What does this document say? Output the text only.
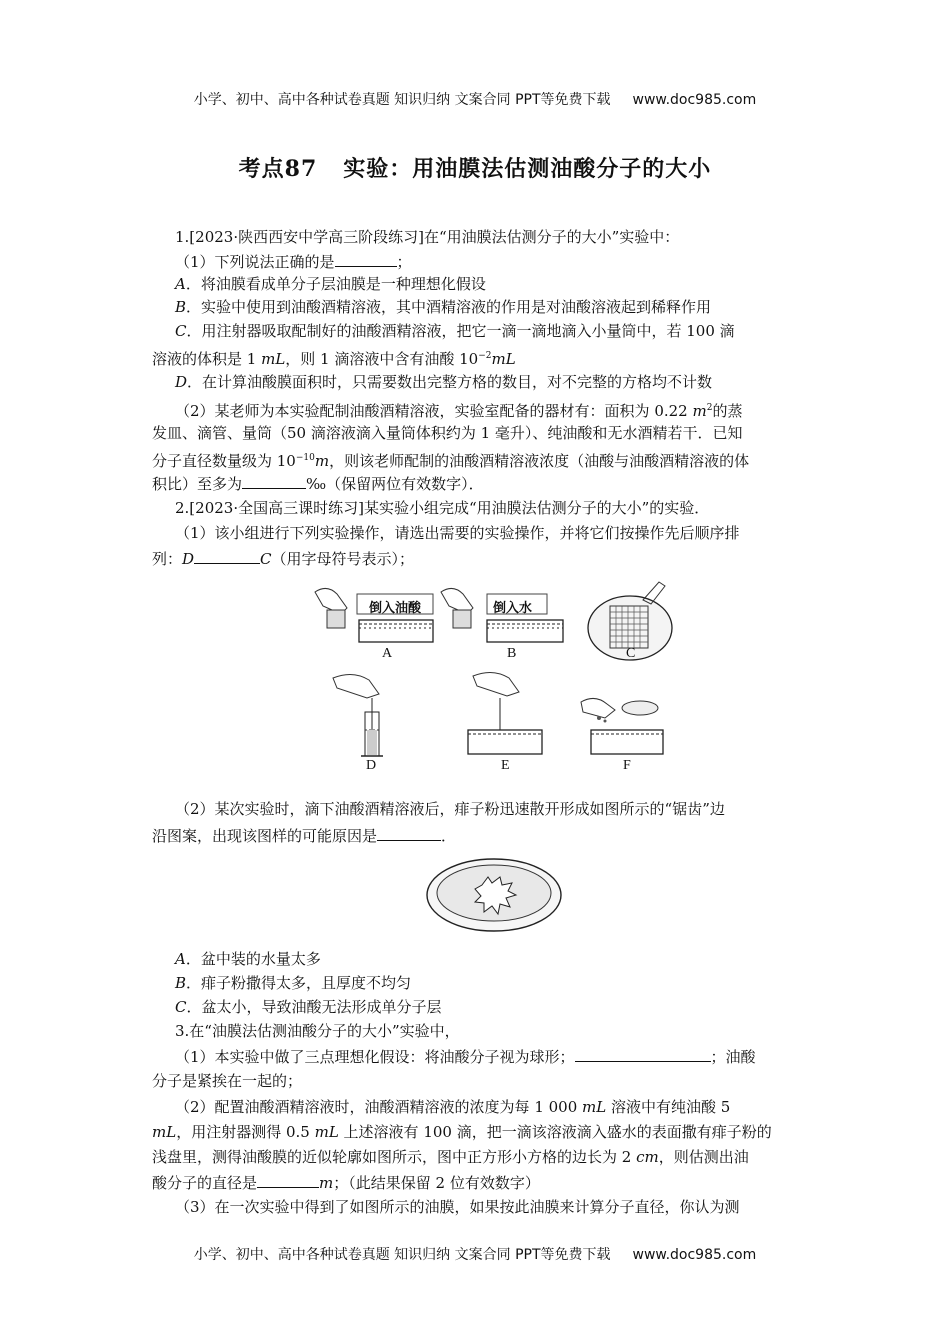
小学、初中、高中各种试卷真题 知识归纳 文案合同 PPT等免费下载 www.doc985.com
小学、初中、高中各种试卷真题 知识归纳 文案合同 PPT等免费下载 www.doc985.com
考点87 实验：用油膜法估测油酸分子的大小
1.[2023·陕西西安中学高三阶段练习]在“用油膜法估测分子的大小”实验中：
（1）下列说法正确的是	；
A．将油膜看成单分子层油膜是一种理想化假设
B．实验中使用到油酸酒精溶液，其中酒精溶液的作用是对油酸溶液起到稀释作用
C．用注射器吸取配制好的油酸酒精溶液，把它一滴一滴地滴入小量筒中，若 100 滴
溶液的体积是 1 mL，则 1 滴溶液中含有油酸 $10^{-2}mL$
D．在计算油酸膜面积时，只需要数出完整方格的数目，对不完整的方格均不计数
（2）某老师为本实验配制油酸酒精溶液，实验室配备的器材有：面积为 0.22 $m^2$的蒸
发皿、滴管、量筒（50 滴溶液滴入量筒体积约为 1 毫升）、纯油酸和无水酒精若干．已知
分子直径数量级为 $10^{-10}m$，则该老师配制的油酸酒精溶液浓度（油酸与油酸酒精溶液的体
积比）至多为	‰（保留两位有效数字）．
2.[2023·全国高三课时练习]某实验小组完成“用油膜法估测分子的大小”的实验．
（1）该小组进行下列实验操作，请选出需要的实验操作，并将它们按操作先后顺序排
列：D	C（用字母符号表示）；
倒入油酸	倒入水
A	B	C
D	E	F
（2）某次实验时，滴下油酸酒精溶液后，痱子粉迅速散开形成如图所示的“锯齿”边
沿图案，出现该图样的可能原因是	．
A．盆中装的水量太多
B．痱子粉撒得太多，且厚度不均匀
C．盆太小，导致油酸无法形成单分子层
3.在“油膜法估测油酸分子的大小”实验中，
（1）本实验中做了三点理想化假设：将油酸分子视为球形；	；油酸
分子是紧挨在一起的；
（2）配置油酸酒精溶液时，油酸酒精溶液的浓度为每 1 000 mL 溶液中有纯油酸 5
mL，用注射器测得 0.5 mL 上述溶液有 100 滴，把一滴该溶液滴入盛水的表面撒有痱子粉的
浅盘里，测得油酸膜的近似轮廓如图所示，图中正方形小方格的边长为 2 cm，则估测出油
酸分子的直径是	m；（此结果保留 2 位有效数字）
（3）在一次实验中得到了如图所示的油膜，如果按此油膜来计算分子直径，你认为测
